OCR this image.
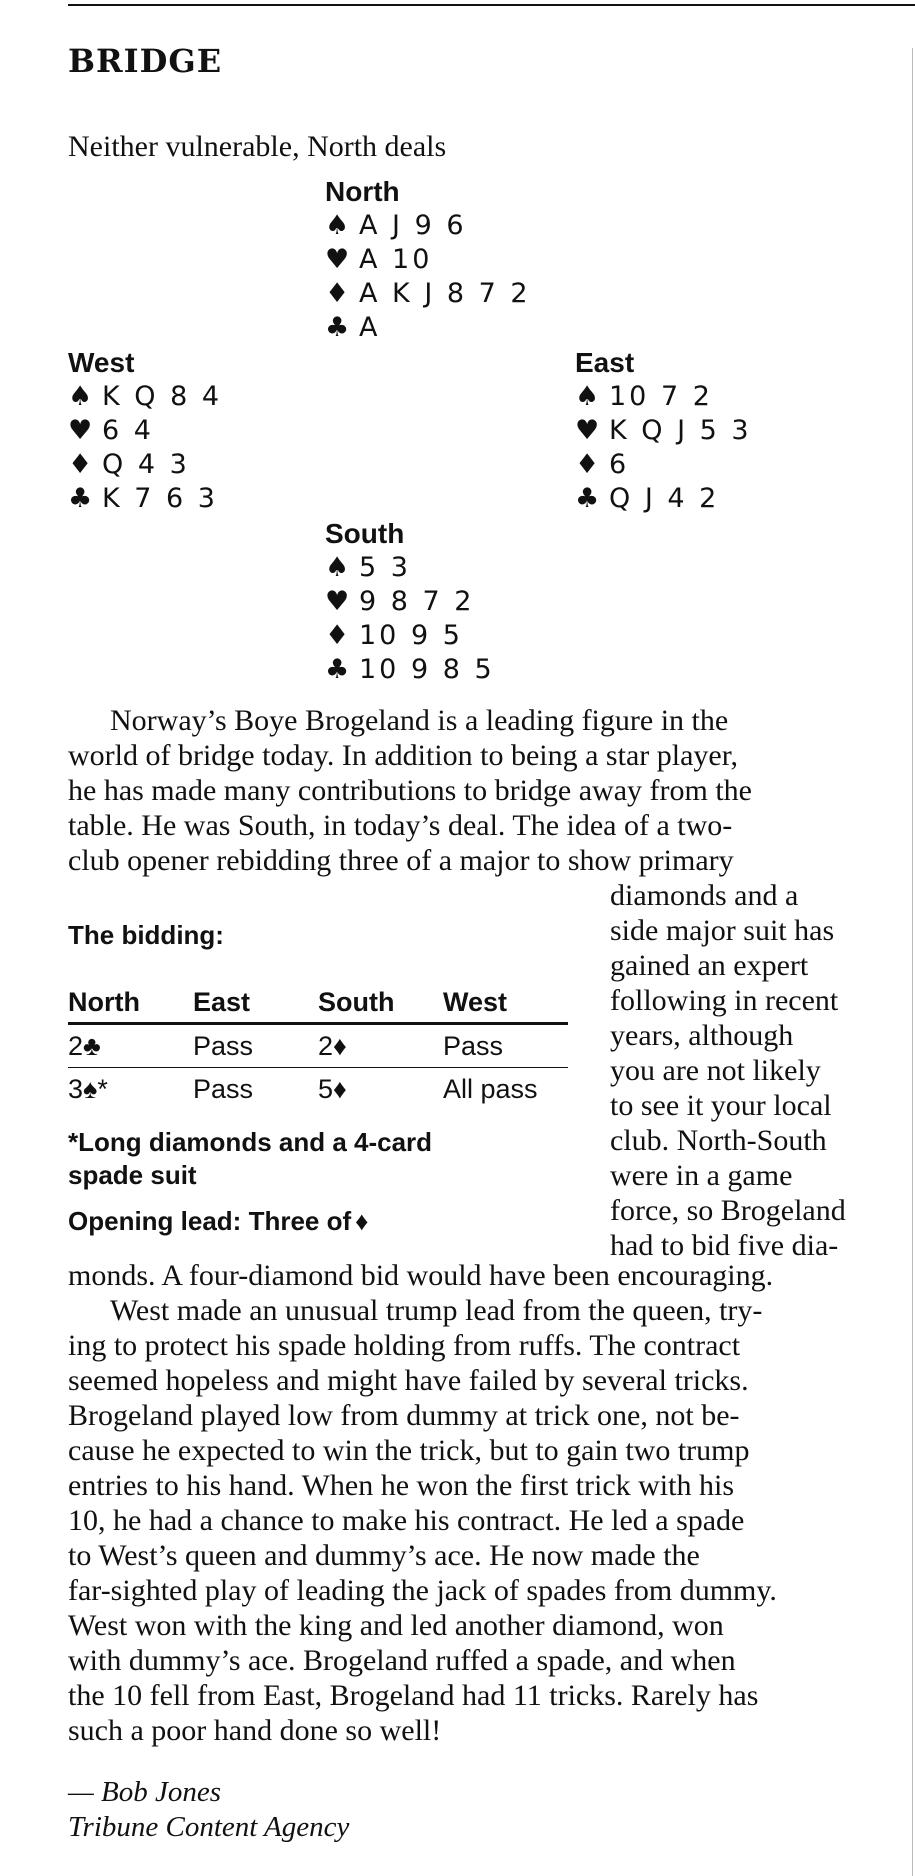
BRIDGE
Neither vulnerable, North deals
North
♠ A J 9 6
♥ A 10
♦ A K J 8 7 2
♣ A
West
♠ K Q 8 4
♥ 6 4
♦ Q 4 3
♣ K 7 6 3
East
♠ 10 7 2
♥ K Q J 5 3
♦ 6
♣ Q J 4 2
South
♠ 5 3
♥ 9 8 7 2
♦ 10 9 5
♣ 10 9 8 5
Norway’s Boye Brogeland is a leading figure in the
world of bridge today. In addition to being a star player,
he has made many contributions to bridge away from the
table. He was South, in today’s deal. The idea of a two-
club opener rebidding three of a major to show primary
diamonds and a
side major suit has
gained an expert
following in recent
years, although
you are not likely
to see it your local
club. North-South
were in a game
force, so Brogeland
had to bid five dia-
The bidding:
North	East	South	West
2♣	Pass	2♦	Pass
3♠*	Pass	5♦	All pass
*Long diamonds and a 4-card
spade suit
Opening lead: Three of ♦
monds. A four-diamond bid would have been encouraging.
West made an unusual trump lead from the queen, try-
ing to protect his spade holding from ruffs. The contract
seemed hopeless and might have failed by several tricks.
Brogeland played low from dummy at trick one, not be-
cause he expected to win the trick, but to gain two trump
entries to his hand. When he won the first trick with his
10, he had a chance to make his contract. He led a spade
to West’s queen and dummy’s ace. He now made the
far-sighted play of leading the jack of spades from dummy.
West won with the king and led another diamond, won
with dummy’s ace. Brogeland ruffed a spade, and when
the 10 fell from East, Brogeland had 11 tricks. Rarely has
such a poor hand done so well!
— Bob Jones
Tribune Content Agency
